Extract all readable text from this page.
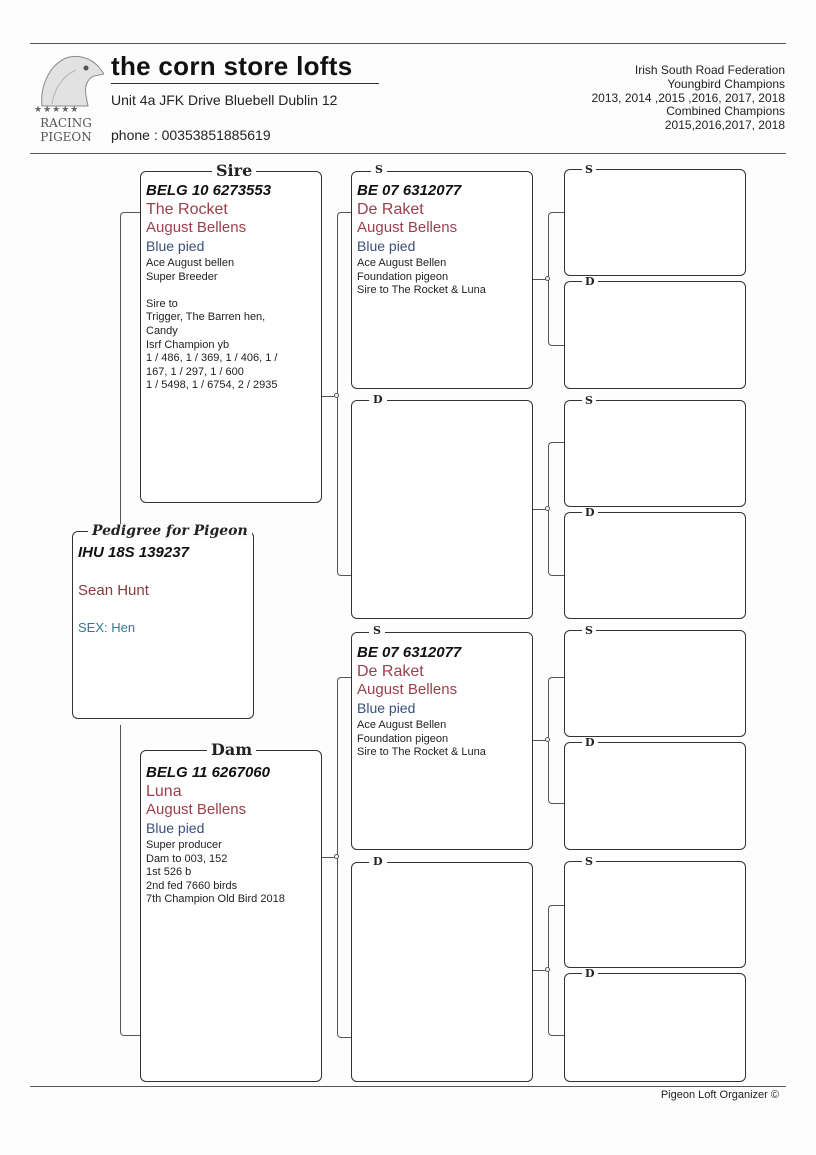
★★★★★
RACING PIGEON
the corn store lofts
Unit 4a JFK Drive Bluebell Dublin 12
phone : 00353851885619
Irish South Road Federation
Youngbird Champions
2013, 2014 ,2015 ,2016, 2017, 2018
Combined Champions
2015,2016,2017, 2018
IHU 18S 139237
Sean Hunt
SEX: Hen
Pedigree for Pigeon
BELG 10 6273553
The Rocket
August Bellens
Blue pied
Ace August bellen
Super Breeder

Sire to
Trigger, The Barren hen,
Candy
Isrf Champion yb
1 / 486, 1 / 369, 1 / 406, 1 /
167, 1 / 297, 1 / 600
1 / 5498, 1 / 6754, 2 / 2935
Sire
BELG 11 6267060
Luna
August Bellens
Blue pied
Super producer
Dam to 003, 152
1st 526 b
2nd fed 7660 birds
7th Champion Old Bird 2018
Dam
BE 07 6312077
De Raket
August Bellens
Blue pied
Ace August Bellen
Foundation pigeon
Sire to The Rocket & Luna
S
D
BE 07 6312077
De Raket
August Bellens
Blue pied
Ace August Bellen
Foundation pigeon
Sire to The Rocket & Luna
S
D
S
D
S
D
S
D
S
D
Pigeon Loft Organizer ©
